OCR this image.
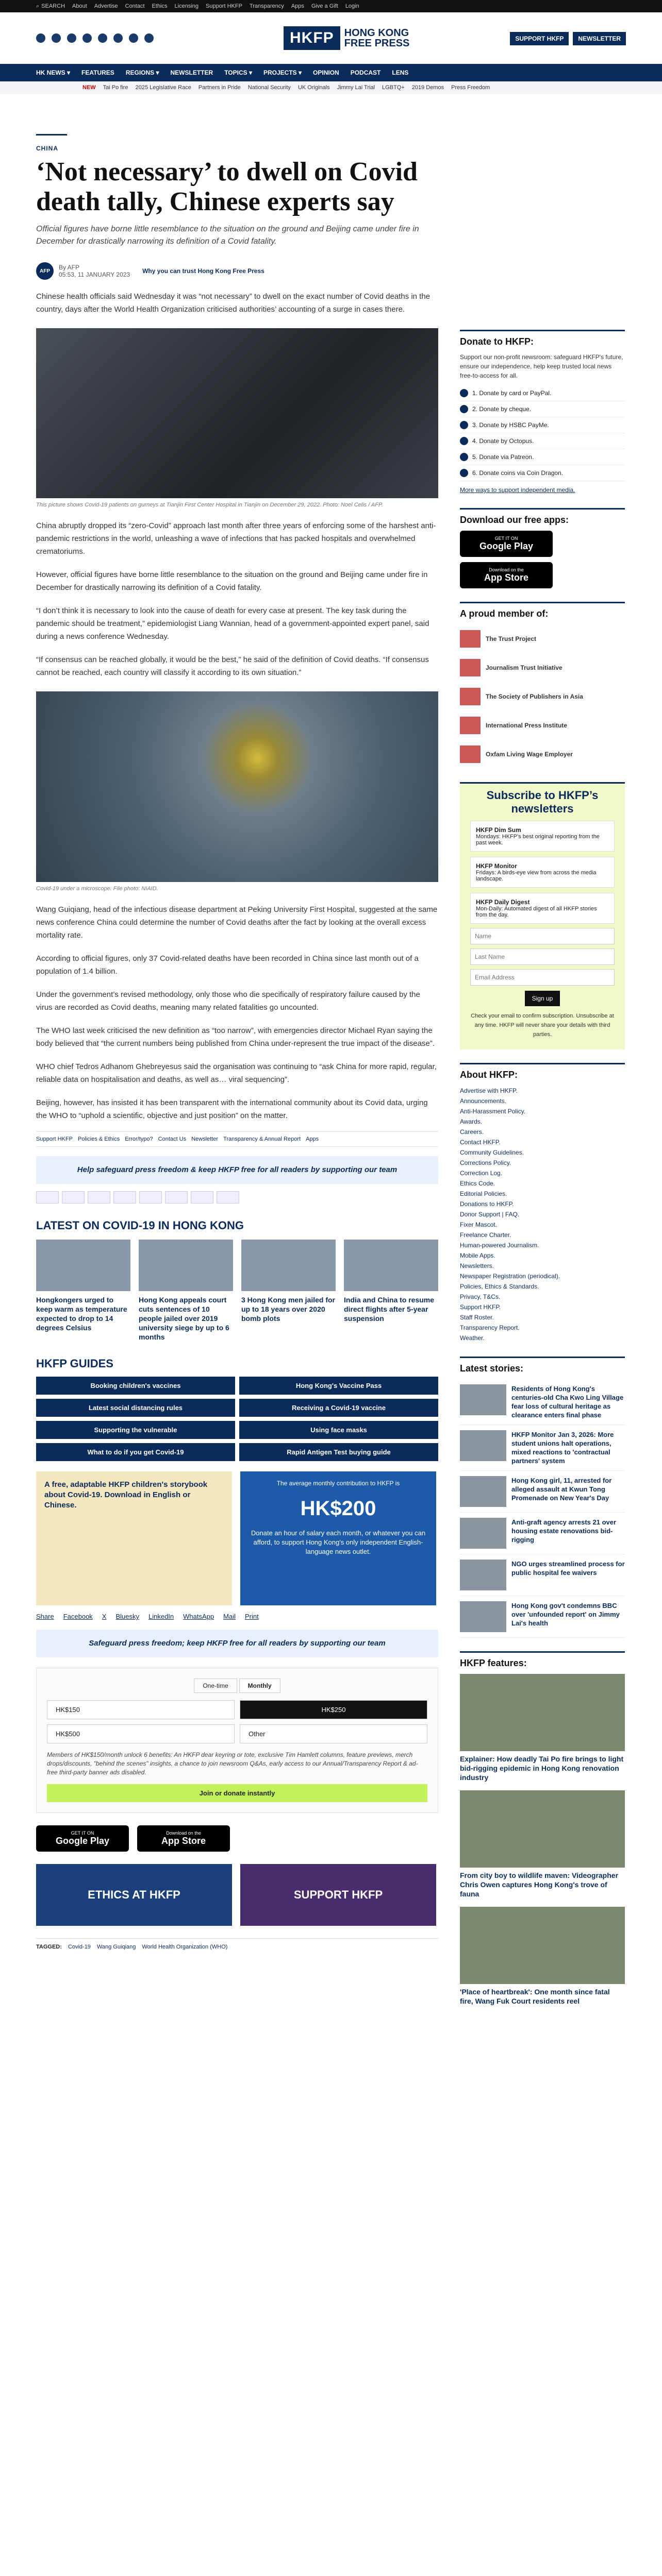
⌕ SEARCH About Advertise Contact Ethics Licensing Support HKFP Transparency Apps Give a Gift Login
HKFP	HONG KONG FREE PRESS	SUPPORT HKFP	NEWSLETTER
HK NEWS ▾ FEATURES REGIONS ▾ NEWSLETTER TOPICS ▾ PROJECTS ▾ OPINION PODCAST LENS
NEW Tai Po fire 2025 Legislative Race Partners in Pride National Security UK Originals Jimmy Lai Trial LGBTQ+ 2019 Demos Press Freedom
CHINA
‘Not necessary’ to dwell on Covid death tally, Chinese experts say
Official figures have borne little resemblance to the situation on the ground and Beijing came under fire in December for drastically narrowing its definition of a Covid fatality.
AFP	By AFP
05:53, 11 JANUARY 2023 Why you can trust Hong Kong Free Press

Chinese health officials said Wednesday it was “not necessary” to dwell on the exact number of Covid deaths in the country, days after the World Health Organization criticised authorities’ accounting of a surge in cases there.

This picture shows Covid-19 patients on gurneys at Tianjin First Center Hospital in Tianjin on December 29, 2022. Photo: Noel Celis / AFP.

China abruptly dropped its “zero-Covid” approach last month after three years of enforcing some of the harshest anti-pandemic restrictions in the world, unleashing a wave of infections that has packed hospitals and overwhelmed crematoriums.

However, official figures have borne little resemblance to the situation on the ground and Beijing came under fire in December for drastically narrowing its definition of a Covid fatality.

“I don’t think it is necessary to look into the cause of death for every case at present. The key task during the pandemic should be treatment,” epidemiologist Liang Wannian, head of a government-appointed expert panel, said during a news conference Wednesday.

“If consensus can be reached globally, it would be the best,” he said of the definition of Covid deaths. “If consensus cannot be reached, each country will classify it according to its own situation.”

Covid-19 under a microscope. File photo: NIAID.

Wang Guiqiang, head of the infectious disease department at Peking University First Hospital, suggested at the same news conference China could determine the number of Covid deaths after the fact by looking at the overall excess mortality rate.

According to official figures, only 37 Covid-related deaths have been recorded in China since last month out of a population of 1.4 billion.

Under the government’s revised methodology, only those who die specifically of respiratory failure caused by the virus are recorded as Covid deaths, meaning many related fatalities go uncounted.

The WHO last week criticised the new definition as “too narrow”, with emergencies director Michael Ryan saying the body believed that “the current numbers being published from China under-represent the true impact of the disease”.

WHO chief Tedros Adhanom Ghebreyesus said the organisation was continuing to “ask China for more rapid, regular, reliable data on hospitalisation and deaths, as well as… viral sequencing”.

Beijing, however, has insisted it has been transparent with the international community about its Covid data, urging the WHO to “uphold a scientific, objective and just position” on the matter.

Support HKFP Policies & Ethics Error/typo? Contact Us Newsletter Transparency & Annual Report Apps
Help safeguard press freedom & keep HKFP free for all readers by supporting our team
LATEST ON COVID-19 IN HONG KONG
Hongkongers urged to keep warm as temperature expected to drop to 14 degrees Celsius
Hong Kong appeals court cuts sentences of 10 people jailed over 2019 university siege by up to 6 months
3 Hong Kong men jailed for up to 18 years over 2020 bomb plots
India and China to resume direct flights after 5-year suspension
HKFP GUIDES
Booking children's vaccines	Hong Kong's Vaccine Pass
Latest social distancing rules	Receiving a Covid-19 vaccine
Supporting the vulnerable	Using face masks
What to do if you get Covid-19	Rapid Antigen Test buying guide
A free, adaptable HKFP children's storybook about Covid-19. Download in English or Chinese.
The average monthly contribution to HKFP is
HK$200
Donate an hour of salary each month, or whatever you can afford, to support Hong Kong's only independent English-language news outlet.
Share Facebook X Bluesky LinkedIn WhatsApp Mail Print
Safeguard press freedom; keep HKFP free for all readers by supporting our team
One-time	Monthly
HK$150	HK$250
HK$500	Other
Members of HK$150/month unlock 6 benefits: An HKFP dear keyring or tote, exclusive Tim Hamlett columns, feature previews, merch drops/discounts, "behind the scenes" insights, a chance to join newsroom Q&As, early access to our Annual/Transparency Report & ad-free third-party banner ads disabled.
Join or donate instantly
GET IT ON
Google Play
Download on the
App Store
ETHICS AT HKFP	SUPPORT HKFP
TAGGED: Covid-19 Wang Guiqiang World Health Organization (WHO)
Donate to HKFP:
Support our non-profit newsroom: safeguard HKFP's future, ensure our independence, help keep trusted local news free-to-access for all.
1. Donate by card or PayPal.
2. Donate by cheque.
3. Donate by HSBC PayMe.
4. Donate by Octopus.
5. Donate via Patreon.
6. Donate coins via Coin Dragon.
More ways to support independent media.
Download our free apps:
GET IT ON
Google Play
Download on the
App Store
A proud member of:
The Trust Project
Journalism Trust Initiative
The Society of Publishers in Asia
International Press Institute
Oxfam Living Wage Employer
Subscribe to HKFP’s newsletters
HKFP Dim Sum
Mondays: HKFP's best original reporting from the past week.
HKFP Monitor
Fridays: A birds-eye view from across the media landscape.
HKFP Daily Digest
Mon-Daily: Automated digest of all HKFP stories from the day.
Name Last Name Email Address Sign up
Check your email to confirm subscription. Unsubscribe at any time. HKFP will never share your details with third parties.
About HKFP:
Advertise with HKFP.
Announcements.
Anti-Harassment Policy.
Awards.
Careers.
Contact HKFP.
Community Guidelines.
Corrections Policy.
Correction Log.
Ethics Code.
Editorial Policies.
Donations to HKFP.
Donor Support | FAQ.
Fixer Mascot.
Freelance Charter.
Human-powered Journalism.
Mobile Apps.
Newsletters.
Newspaper Registration (periodical).
Policies, Ethics & Standards.
Privacy, T&Cs.
Support HKFP.
Staff Roster.
Transparency Report.
Weather.
Latest stories:
Residents of Hong Kong's centuries-old Cha Kwo Ling Village fear loss of cultural heritage as clearance enters final phase
HKFP Monitor Jan 3, 2026: More student unions halt operations, mixed reactions to 'contractual partners' system
Hong Kong girl, 11, arrested for alleged assault at Kwun Tong Promenade on New Year's Day
Anti-graft agency arrests 21 over housing estate renovations bid-rigging
NGO urges streamlined process for public hospital fee waivers
Hong Kong gov't condemns BBC over 'unfounded report' on Jimmy Lai's health
HKFP features:
Explainer: How deadly Tai Po fire brings to light bid-rigging epidemic in Hong Kong renovation industry
From city boy to wildlife maven: Videographer Chris Owen captures Hong Kong's trove of fauna
'Place of heartbreak': One month since fatal fire, Wang Fuk Court residents reel
